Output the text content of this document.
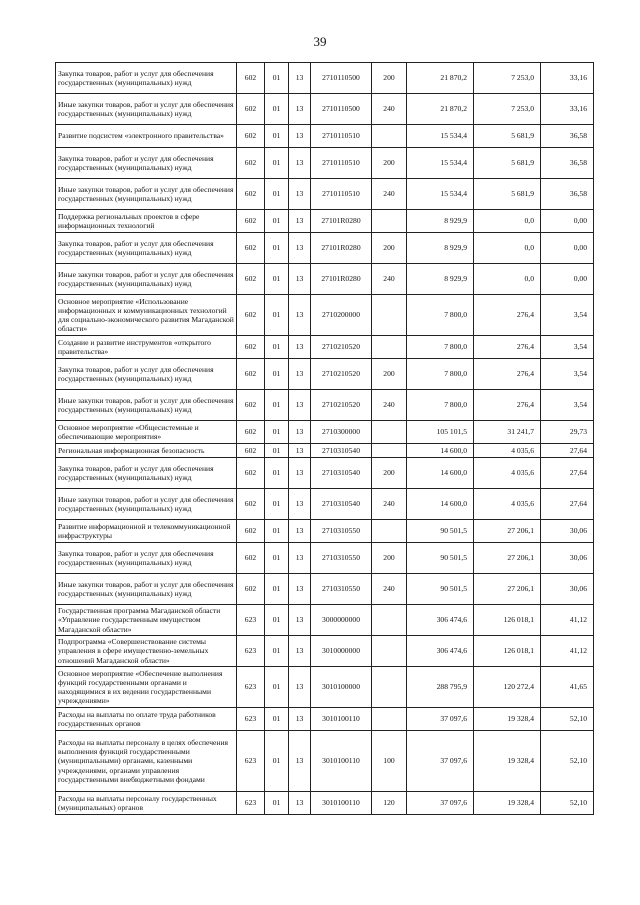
39
Закупка товаров, работ и услуг для обеспечения государственных (муниципальных) нужд	602	01	13	2710110500	200	21 870,2	7 253,0	33,16
Иные закупки товаров, работ и услуг для обеспечения государственных (муниципальных) нужд	602	01	13	2710110500	240	21 870,2	7 253,0	33,16
Развитие подсистем «электронного правительства»	602	01	13	2710110510		15 534,4	5 681,9	36,58
Закупка товаров, работ и услуг для обеспечения государственных (муниципальных) нужд	602	01	13	2710110510	200	15 534,4	5 681,9	36,58
Иные закупки товаров, работ и услуг для обеспечения государственных (муниципальных) нужд	602	01	13	2710110510	240	15 534,4	5 681,9	36,58
Поддержка региональных проектов в сфере информационных технологий	602	01	13	27101R0280		8 929,9	0,0	0,00
Закупка товаров, работ и услуг для обеспечения государственных (муниципальных) нужд	602	01	13	27101R0280	200	8 929,9	0,0	0,00
Иные закупки товаров, работ и услуг для обеспечения государственных (муниципальных) нужд	602	01	13	27101R0280	240	8 929,9	0,0	0,00
Основное мероприятие «Использование информационных и коммуникационных технологий для социально-экономического развития Магаданской области»	602	01	13	2710200000		7 800,0	276,4	3,54
Создание и развитие инструментов «открытого правительства»	602	01	13	2710210520		7 800,0	276,4	3,54
Закупка товаров, работ и услуг для обеспечения государственных (муниципальных) нужд	602	01	13	2710210520	200	7 800,0	276,4	3,54
Иные закупки товаров, работ и услуг для обеспечения государственных (муниципальных) нужд	602	01	13	2710210520	240	7 800,0	276,4	3,54
Основное мероприятие «Общесистемные и обеспечивающие мероприятия»	602	01	13	2710300000		105 101,5	31 241,7	29,73
Региональная информационная безопасность	602	01	13	2710310540		14 600,0	4 035,6	27,64
Закупка товаров, работ и услуг для обеспечения государственных (муниципальных) нужд	602	01	13	2710310540	200	14 600,0	4 035,6	27,64
Иные закупки товаров, работ и услуг для обеспечения государственных (муниципальных) нужд	602	01	13	2710310540	240	14 600,0	4 035,6	27,64
Развитие информационной и телекоммуникационной инфраструктуры	602	01	13	2710310550		90 501,5	27 206,1	30,06
Закупка товаров, работ и услуг для обеспечения государственных (муниципальных) нужд	602	01	13	2710310550	200	90 501,5	27 206,1	30,06
Иные закупки товаров, работ и услуг для обеспечения государственных (муниципальных) нужд	602	01	13	2710310550	240	90 501,5	27 206,1	30,06
Государственная программа Магаданской области «Управление государственным имуществом Магаданской области»	623	01	13	3000000000		306 474,6	126 018,1	41,12
Подпрограмма «Совершенствование системы управления в сфере имущественно-земельных отношений Магаданской области»	623	01	13	3010000000		306 474,6	126 018,1	41,12
Основное мероприятие «Обеспечение выполнения функций государственными органами и находящимися в их ведении государственными учреждениями»	623	01	13	3010100000		288 795,9	120 272,4	41,65
Расходы на выплаты по оплате труда работников государственных органов	623	01	13	3010100110		37 097,6	19 328,4	52,10
Расходы на выплаты персоналу в целях обеспечения выполнения функций государственными (муниципальными) органами, казенными учреждениями, органами управления государственными внебюджетными фондами	623	01	13	3010100110	100	37 097,6	19 328,4	52,10
Расходы на выплаты персоналу государственных (муниципальных) органов	623	01	13	3010100110	120	37 097,6	19 328,4	52,10
